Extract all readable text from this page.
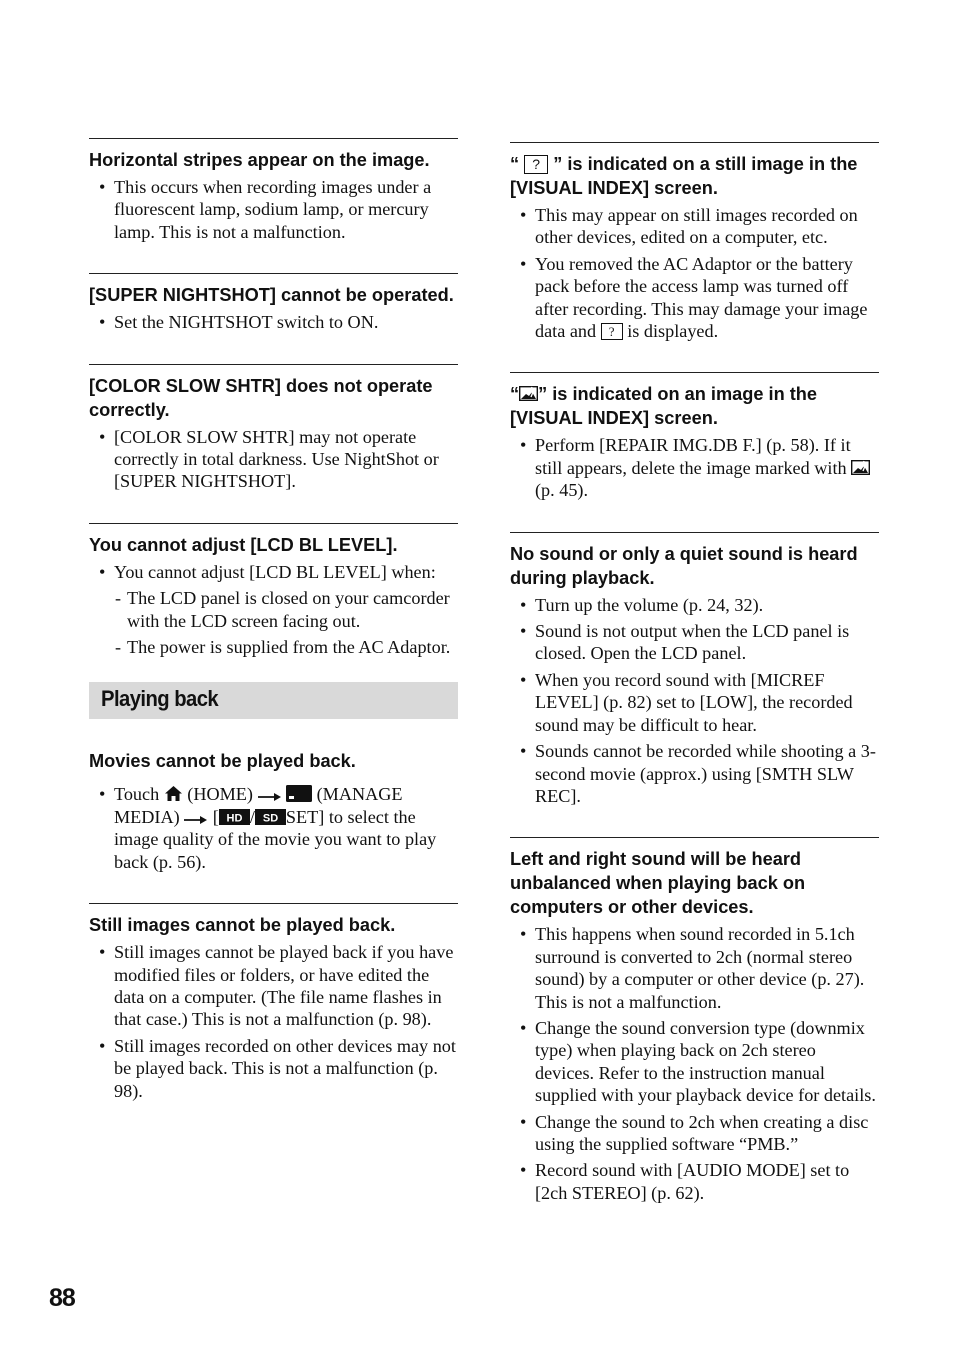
Horizontal stripes appear on the image.

• This occurs when recording images under a fluorescent lamp, sodium lamp, or mercury lamp. This is not a malfunction.

[SUPER NIGHTSHOT] cannot be operated.

• Set the NIGHTSHOT switch to ON.

[COLOR SLOW SHTR] does not operate correctly.

• [COLOR SLOW SHTR] may not operate correctly in total darkness. Use NightShot or [SUPER NIGHTSHOT].

You cannot adjust [LCD BL LEVEL].

• You cannot adjust [LCD BL LEVEL] when:
- The LCD panel is closed on your camcorder with the LCD screen facing out.
- The power is supplied from the AC Adaptor.
Playing back

Movies cannot be played back.

• Touch (HOME)	(MANAGE MEDIA) [ HD / SD SET] to select the image quality of the movie you want to play back (p. 56).

Still images cannot be played back.

• Still images cannot be played back if you have modified files or folders, or have edited the data on a computer. (The file name flashes in that case.) This is not a malfunction (p. 98).
• Still images recorded on other devices may not be played back. This is not a malfunction (p. 98).

“ ? ” is indicated on a still image in the [VISUAL INDEX] screen.

• This may appear on still images recorded on other devices, edited on a computer, etc.
• You removed the AC Adaptor or the battery pack before the access lamp was turned off after recording. This may damage your image data and ? is displayed.

“ ” is indicated on an image in the [VISUAL INDEX] screen.

• Perform [REPAIR IMG.DB F.] (p. 58). If it still appears, delete the image marked with  (p. 45).

No sound or only a quiet sound is heard during playback.

• Turn up the volume (p. 24, 32).
• Sound is not output when the LCD panel is closed. Open the LCD panel.
• When you record sound with [MICREF LEVEL] (p. 82) set to [LOW], the recorded sound may be difficult to hear.
• Sounds cannot be recorded while shooting a 3-second movie (approx.) using [SMTH SLW REC].

Left and right sound will be heard unbalanced when playing back on computers or other devices.

• This happens when sound recorded in 5.1ch surround is converted to 2ch (normal stereo sound) by a computer or other device (p. 27). This is not a malfunction.
• Change the sound conversion type (downmix type) when playing back on 2ch stereo devices. Refer to the instruction manual supplied with your playback device for details.
• Change the sound to 2ch when creating a disc using the supplied software “PMB.”
• Record sound with [AUDIO MODE] set to [2ch STEREO] (p. 62).
88
